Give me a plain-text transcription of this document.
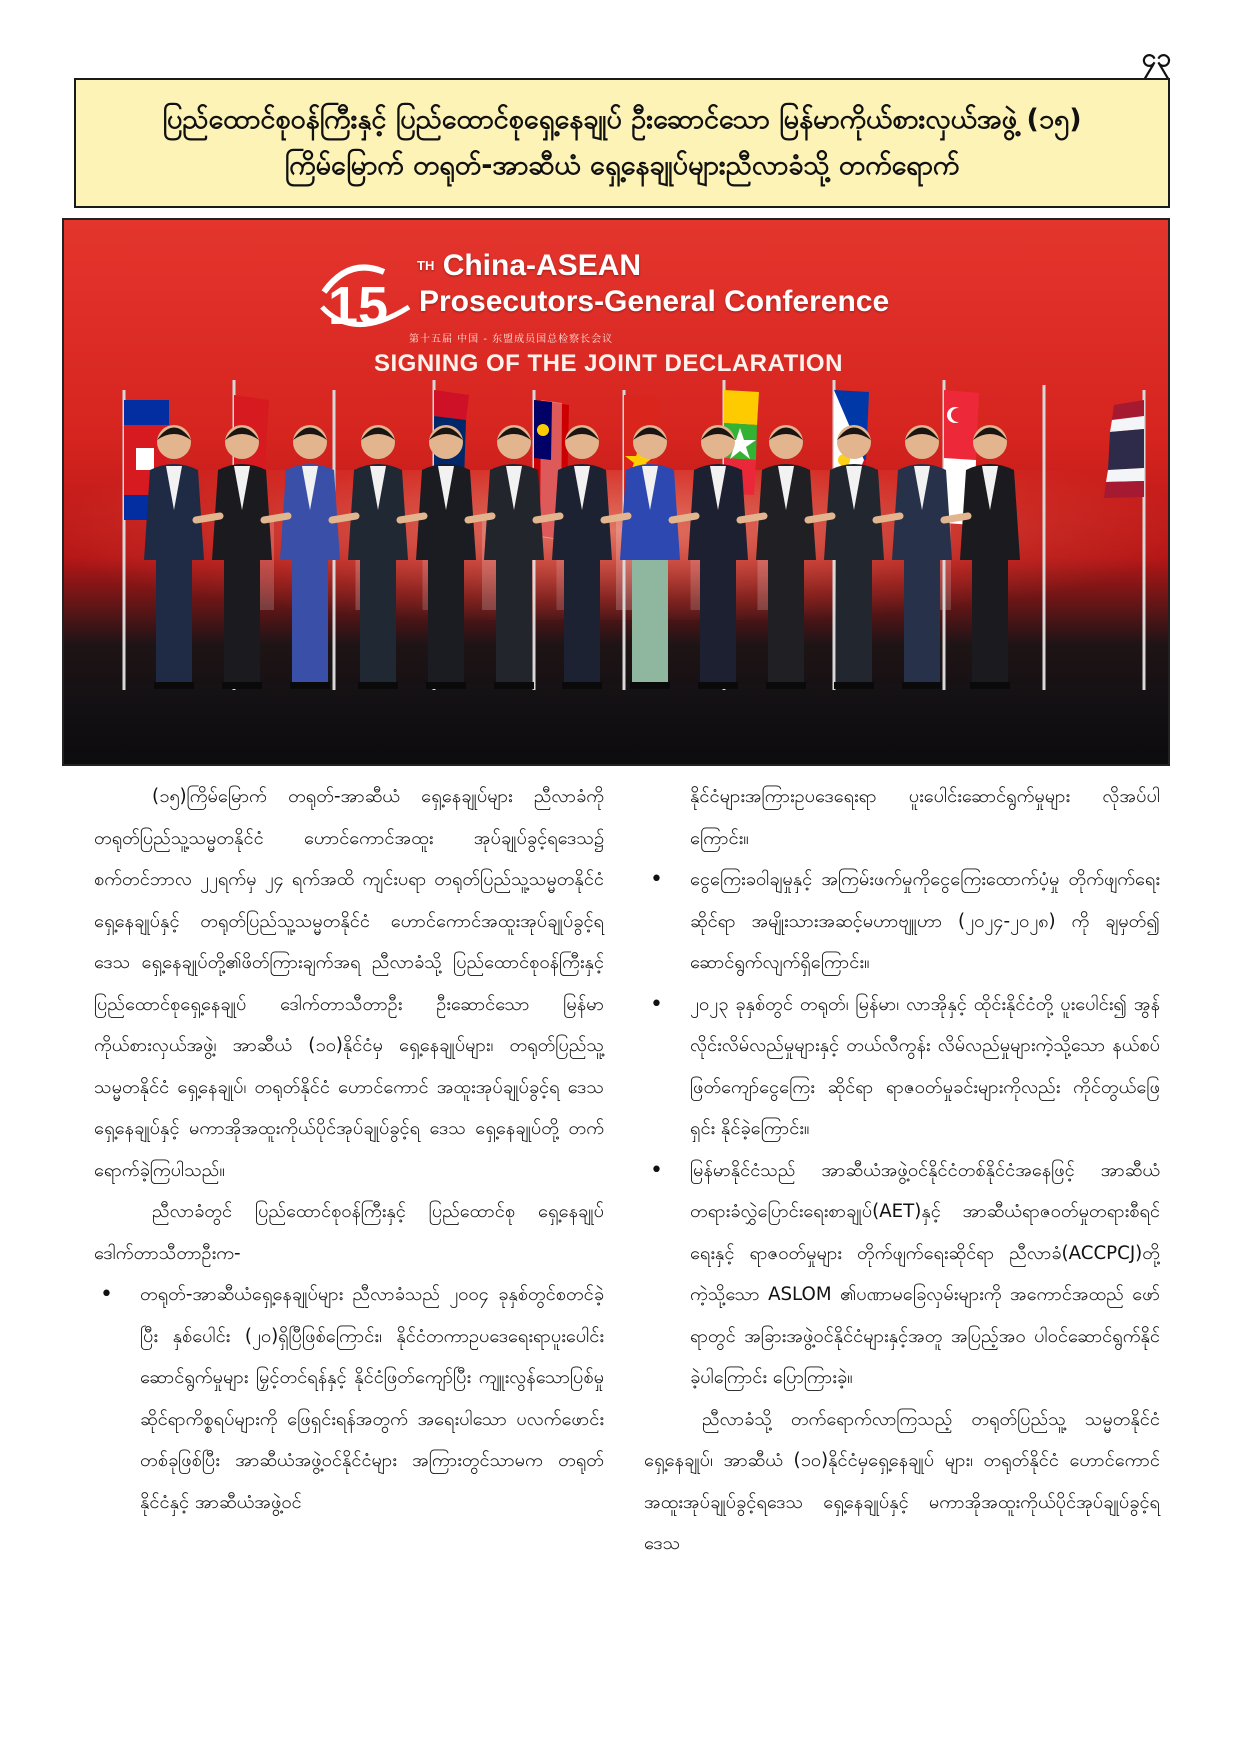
၄၃
ပြည်ထောင်စုဝန်ကြီးနှင့် ပြည်ထောင်စုရှေ့နေချုပ် ဦးဆောင်သော မြန်မာကိုယ်စားလှယ်အဖွဲ့ (၁၅)
ကြိမ်မြောက် တရုတ်-အာဆီယံ ရှေ့နေချုပ်များညီလာခံသို့ တက်ရောက်
15
$^{TH}$ China-ASEAN
Prosecutors-General Conference
第十五届 中国 - 东盟成员国总检察长会议
SIGNING OF THE JOINT DECLARATION

(၁၅)ကြိမ်မြောက် တရုတ်-အာဆီယံ ရှေ့နေချုပ်များ ညီလာခံကို တရုတ်ပြည်သူ့သမ္မတနိုင်ငံ ဟောင်ကောင်အထူး အုပ်ချုပ်ခွင့်ရဒေသ၌ စက်တင်ဘာလ ၂၂ရက်မှ ၂၄ ရက်အထိ ကျင်းပရာ တရုတ်ပြည်သူ့သမ္မတနိုင်ငံ ရှေ့နေချုပ်နှင့် တရုတ်ပြည်သူ့သမ္မတနိုင်ငံ ဟောင်ကောင်အထူးအုပ်ချုပ်ခွင့်ရ ဒေသ ရှေ့နေချုပ်တို့၏ဖိတ်ကြားချက်အရ ညီလာခံသို့ ပြည်ထောင်စုဝန်ကြီးနှင့် ပြည်ထောင်စုရှေ့နေချုပ် ဒေါက်တာသီတာဦး ဦးဆောင်သော မြန်မာကိုယ်စားလှယ်အဖွဲ့၊ အာဆီယံ (၁၀)နိုင်ငံမှ ရှေ့နေချုပ်များ၊ တရုတ်ပြည်သူ့သမ္မတနိုင်ငံ ရှေ့နေချုပ်၊ တရုတ်နိုင်ငံ ဟောင်ကောင် အထူးအုပ်ချုပ်ခွင့်ရ ဒေသ ရှေ့နေချုပ်နှင့် မကာအိုအထူးကိုယ်ပိုင်အုပ်ချုပ်ခွင့်ရ ဒေသ ရှေ့နေချုပ်တို့ တက်ရောက်ခဲ့ကြပါသည်။

ညီလာခံတွင် ပြည်ထောင်စုဝန်ကြီးနှင့် ပြည်ထောင်စု ရှေ့နေချုပ် ဒေါက်တာသီတာဦးက-

• တရုတ်-အာဆီယံရှေ့နေချုပ်များ ညီလာခံသည် ၂၀၀၄ ခုနှစ်တွင်စတင်ခဲ့ပြီး နှစ်ပေါင်း (၂၀)ရှိပြီဖြစ်ကြောင်း၊ နိုင်ငံတကာဥပဒေရေးရာပူးပေါင်းဆောင်ရွက်မှုများ မြှင့်တင်ရန်နှင့် နိုင်ငံဖြတ်ကျော်ပြီး ကျူးလွန်သောပြစ်မှုဆိုင်ရာကိစ္စရပ်များကို ဖြေရှင်းရန်အတွက် အရေးပါသော ပလက်ဖောင်းတစ်ခုဖြစ်ပြီး အာဆီယံအဖွဲ့ဝင်နိုင်ငံများ အကြားတွင်သာမက တရုတ်နိုင်ငံနှင့် အာဆီယံအဖွဲ့ဝင်
နိုင်ငံများအကြားဥပဒေရေးရာ ပူးပေါင်းဆောင်ရွက်မှုများ လိုအပ်ပါကြောင်း။
• ငွေကြေးခဝါချမှုနှင့် အကြမ်းဖက်မှုကိုငွေကြေးထောက်ပံ့မှု တိုက်ဖျက်ရေးဆိုင်ရာ အမျိုးသားအဆင့်မဟာဗျူဟာ (၂၀၂၄-၂၀၂၈) ကို ချမှတ်၍ ဆောင်ရွက်လျက်ရှိကြောင်း။
• ၂၀၂၃ ခုနှစ်တွင် တရုတ်၊ မြန်မာ၊ လာအိုနှင့် ထိုင်းနိုင်ငံတို့ ပူးပေါင်း၍ အွန်လိုင်းလိမ်လည်မှုများနှင့် တယ်လီကွန်း လိမ်လည်မှုများကဲ့သို့သော နယ်စပ်ဖြတ်ကျော်ငွေကြေး ဆိုင်ရာ ရာဇဝတ်မှုခင်းများကိုလည်း ကိုင်တွယ်ဖြေရှင်း နိုင်ခဲ့ကြောင်း။
• မြန်မာနိုင်ငံသည် အာဆီယံအဖွဲ့ဝင်နိုင်ငံတစ်နိုင်ငံအနေဖြင့် အာဆီယံတရားခံလွှဲပြောင်းရေးစာချုပ်(AET)နှင့် အာဆီယံရာဇဝတ်မှုတရားစီရင်ရေးနှင့် ရာဇဝတ်မှုများ တိုက်ဖျက်ရေးဆိုင်ရာ ညီလာခံ(ACCPCJ)တို့ကဲ့သို့သော ASLOM ၏ပဏာမခြေလှမ်းများကို အကောင်အထည် ဖော်ရာတွင် အခြားအဖွဲ့ဝင်နိုင်ငံများနှင့်အတူ အပြည့်အဝ ပါဝင်ဆောင်ရွက်နိုင်ခဲ့ပါကြောင်း ပြောကြားခဲ့။

ညီလာခံသို့ တက်ရောက်လာကြသည့် တရုတ်ပြည်သူ့ သမ္မတနိုင်ငံ ရှေ့နေချုပ်၊ အာဆီယံ (၁၀)နိုင်ငံမှရှေ့နေချုပ် များ၊ တရုတ်နိုင်ငံ ဟောင်ကောင်အထူးအုပ်ချုပ်ခွင့်ရဒေသ ရှေ့နေချုပ်နှင့် မကာအိုအထူးကိုယ်ပိုင်အုပ်ချုပ်ခွင့်ရဒေသ
